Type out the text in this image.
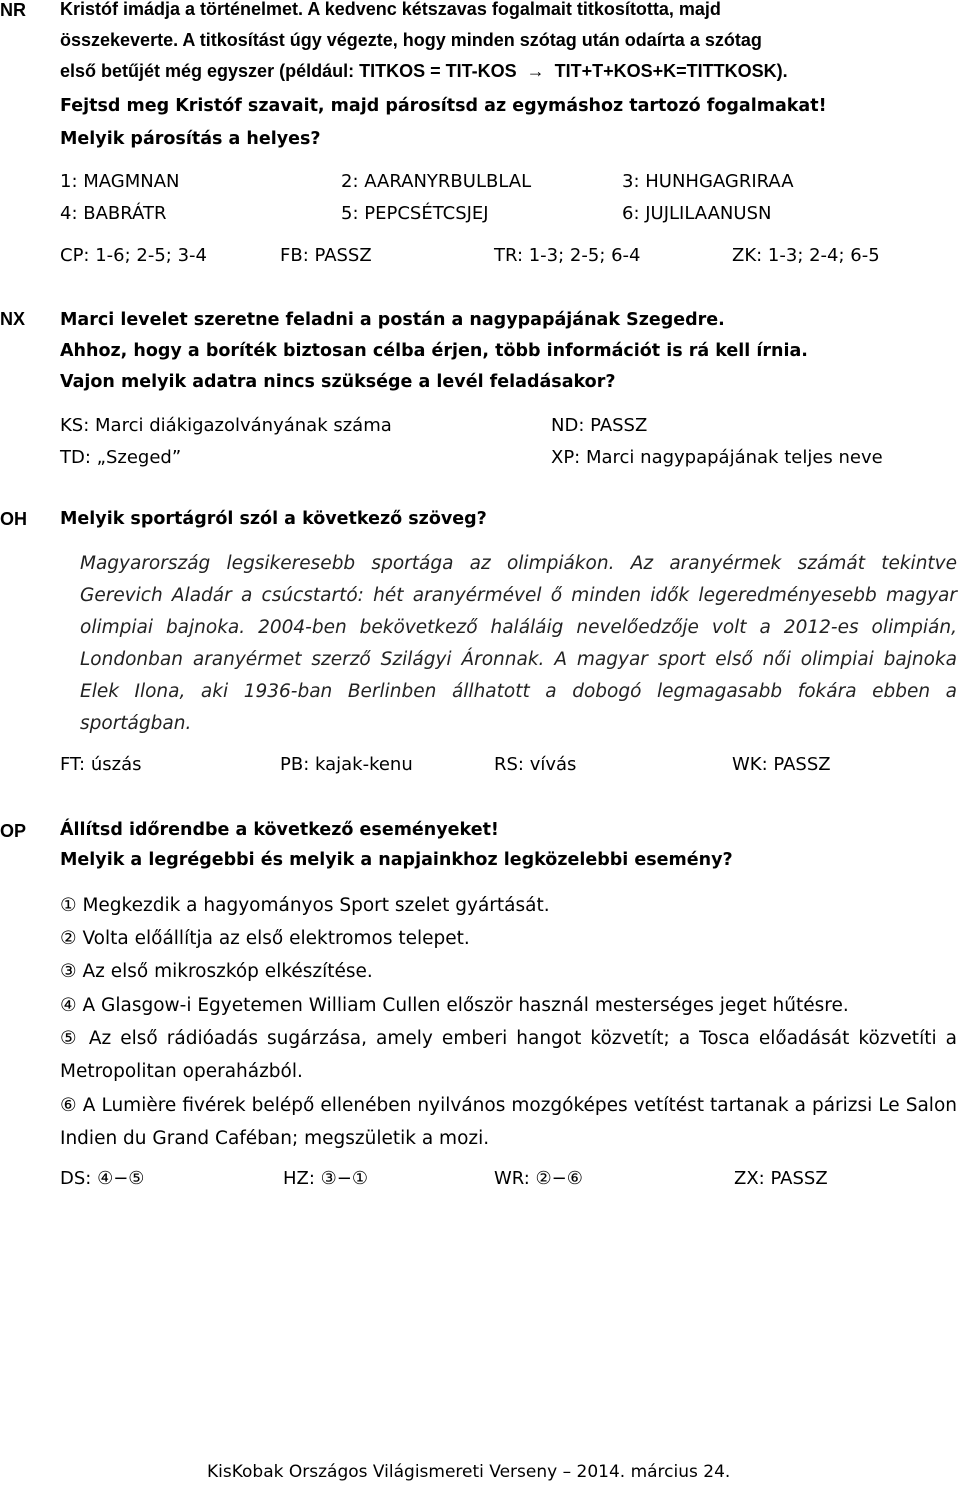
NR Kristóf imádja a történelmet. A kedvenc kétszavas fogalmait titkosította, majd
összekeverte. A titkosítást úgy végezte, hogy minden szótag után odaírta a szótag
első betűjét még egyszer (például: TITKOS = TIT-KOS → TIT+T+KOS+K=TITTKOSK).
Fejtsd meg Kristóf szavait, majd párosítsd az egymáshoz tartozó fogalmakat!
Melyik párosítás a helyes?
1: MAGMNAN	2: AARANYRBULBLAL	3: HUNHGAGRIRAA
4: BABRÁTR	5: PEPCSÉTCSJEJ	6: JUJLILAANUSN
CP: 1-6; 2-5; 3-4	FB: PASSZ	TR: 1-3; 2-5; 6-4	ZK: 1-3; 2-4; 6-5
NX Marci levelet szeretne feladni a postán a nagypapájának Szegedre.
Ahhoz, hogy a boríték biztosan célba érjen, több információt is rá kell írnia.
Vajon melyik adatra nincs szüksége a levél feladásakor?
KS: Marci diákigazolványának száma	ND: PASSZ
TD: „Szeged”	XP: Marci nagypapájának teljes neve
OH Melyik sportágról szól a következő szöveg?
Magyarország legsikeresebb sportága az olimpiákon. Az aranyérmek számát tekintve Gerevich Aladár a csúcstartó: hét aranyérmével ő minden idők legeredményesebb magyar olimpiai bajnoka. 2004-ben bekövetkező haláláig nevelőedzője volt a 2012-es olimpián, Londonban aranyérmet szerző Szilágyi Áronnak. A magyar sport első női olimpiai bajnoka Elek Ilona, aki 1936-ban Berlinben állhatott a dobogó legmagasabb fokára ebben a sportágban.
FT: úszás	PB: kajak-kenu	RS: vívás	WK: PASSZ
OP Állítsd időrendbe a következő eseményeket!
Melyik a legrégebbi és melyik a napjainkhoz legközelebbi esemény?
① Megkezdik a hagyományos Sport szelet gyártását.
② Volta előállítja az első elektromos telepet.
③ Az első mikroszkóp elkészítése.
④ A Glasgow-i Egyetemen William Cullen először használ mesterséges jeget hűtésre.
⑤ Az első rádióadás sugárzása, amely emberi hangot közvetít; a Tosca előadását közvetíti a Metropolitan operaházból.
⑥ A Lumière fivérek belépő ellenében nyilvános mozgóképes vetítést tartanak a párizsi Le Salon Indien du Grand Caféban; megszületik a mozi.
DS: ④−⑤	HZ: ③−①	WR: ②−⑥	ZX: PASSZ
KisKobak Országos Világismereti Verseny – 2014. március 24.
